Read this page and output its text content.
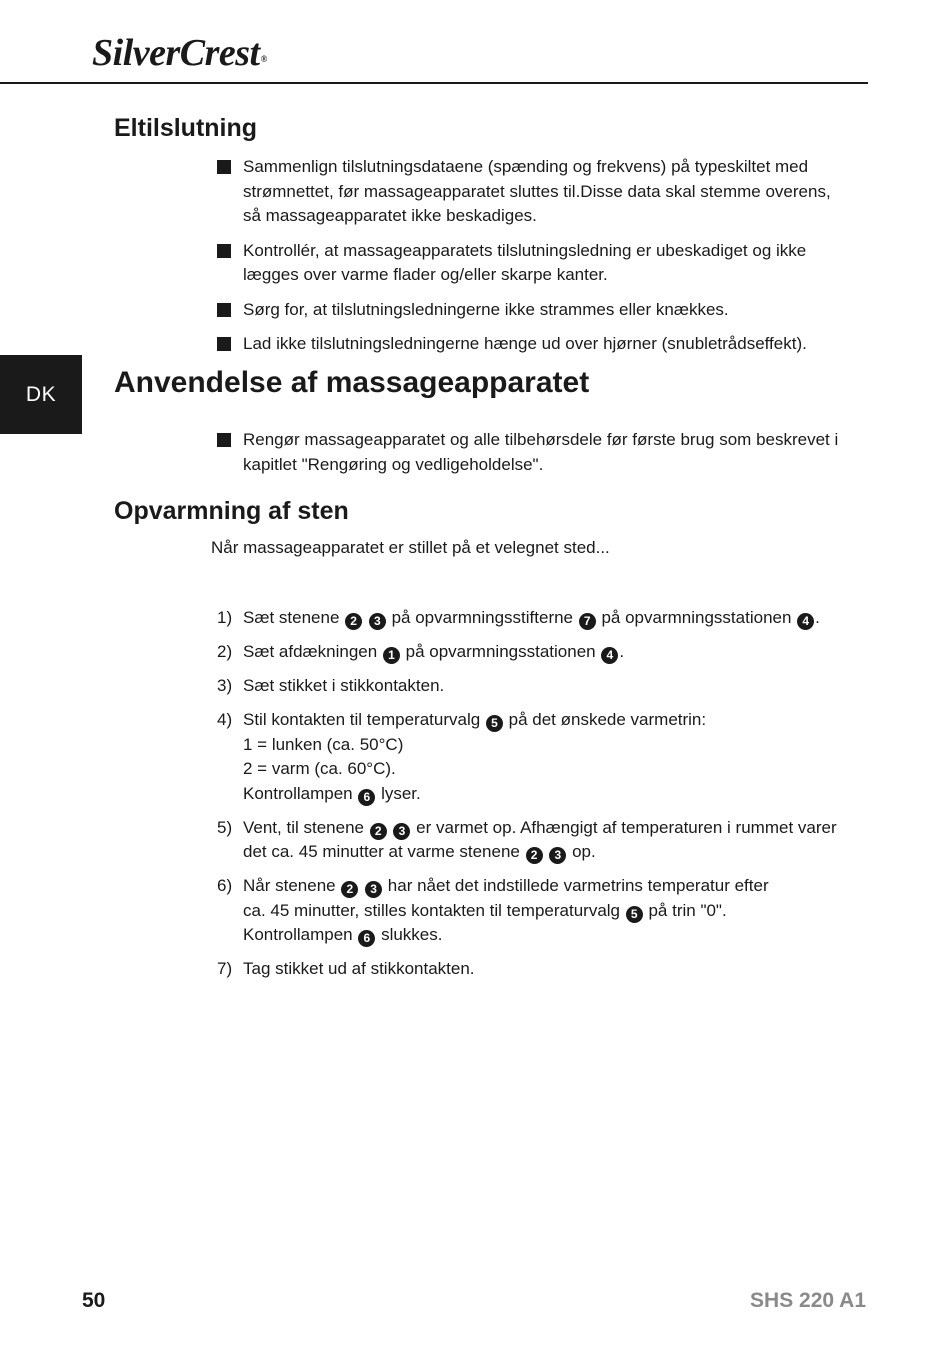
SilverCrest®
DK
Eltilslutning
Sammenlign tilslutningsdataene (spænding og frekvens) på typeskiltet med strømnettet, før massageapparatet sluttes til.Disse data skal stemme overens, så massageapparatet ikke beskadiges.
Kontrollér, at massageapparatets tilslutningsledning er ubeskadiget og ikke lægges over varme flader og/eller skarpe kanter.
Sørg for, at tilslutningsledningerne ikke strammes eller knækkes.
Lad ikke tilslutningsledningerne hænge ud over hjørner (snubletrådseffekt).
Anvendelse af massageapparatet
Rengør massageapparatet og alle tilbehørsdele før første brug som beskrevet i kapitlet "Rengøring og vedligeholdelse".
Opvarmning af sten
Når massageapparatet er stillet på et velegnet sted...
1) Sæt stenene 2 3 på opvarmningsstifterne 7 på opvarmningsstationen 4 .
2) Sæt afdækningen 1 på opvarmningsstationen 4 .
3) Sæt stikket i stikkontakten.
4) Stil kontakten til temperaturvalg 5 på det ønskede varmetrin:
1 = lunken (ca. 50°C)
2 = varm (ca. 60°C).
Kontrollampen 6 lyser.
5) Vent, til stenene 2 3 er varmet op. Afhængigt af temperaturen i rummet varer det ca. 45 minutter at varme stenene 2 3 op.
6) Når stenene 2 3 har nået det indstillede varmetrins temperatur efter
ca. 45 minutter, stilles kontakten til temperaturvalg 5 på trin "0".
Kontrollampen 6 slukkes.
7) Tag stikket ud af stikkontakten.
50	SHS 220 A1
